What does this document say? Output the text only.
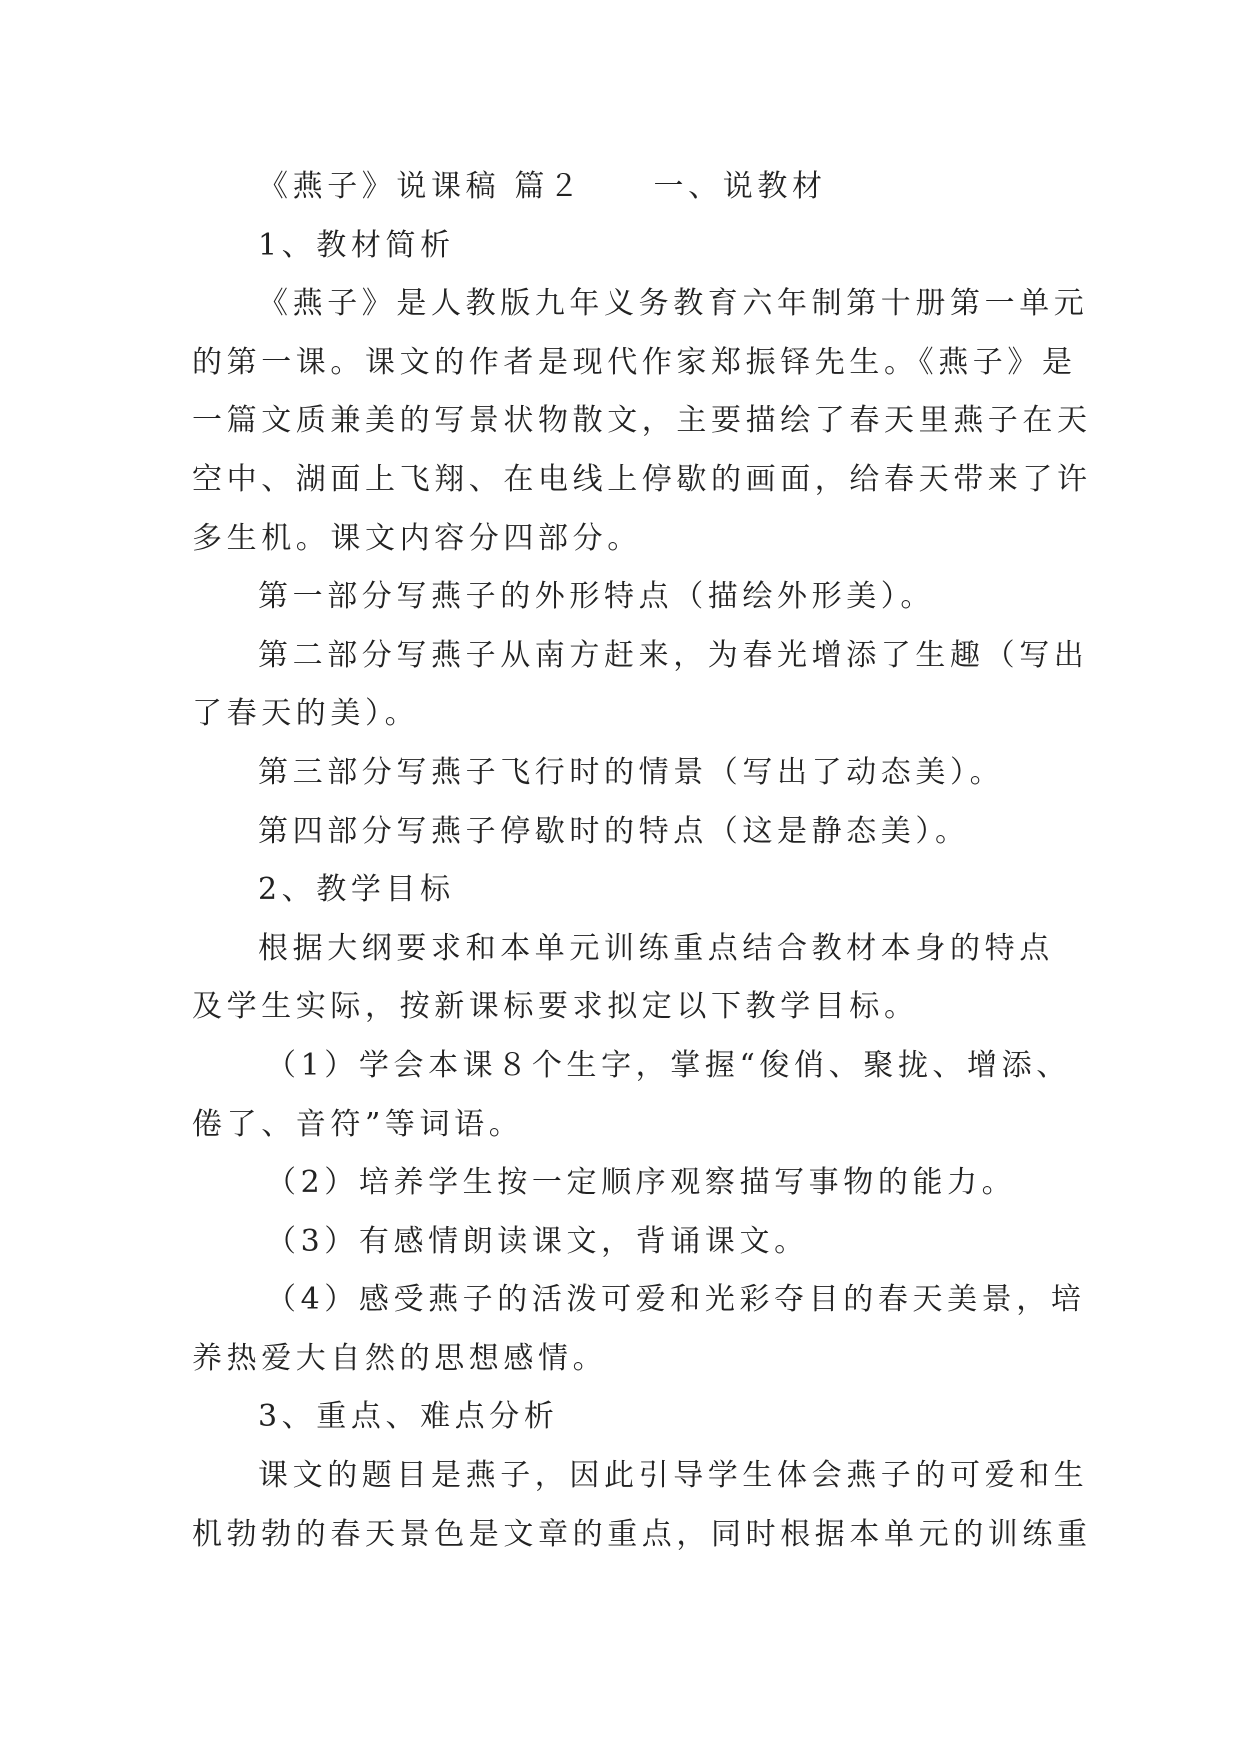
《燕子》说课稿 篇２ 一、说教材
1、教材简析
《燕子》是人教版九年义务教育六年制第十册第一单元
的第一课。课文的作者是现代作家郑振铎先生。《燕子》是
一篇文质兼美的写景状物散文，主要描绘了春天里燕子在天
空中、湖面上飞翔、在电线上停歇的画面，给春天带来了许
多生机。课文内容分四部分。
第一部分写燕子的外形特点（描绘外形美）。
第二部分写燕子从南方赶来，为春光增添了生趣（写出
了春天的美）。
第三部分写燕子飞行时的情景（写出了动态美）。
第四部分写燕子停歇时的特点（这是静态美）。
2、教学目标
根据大纲要求和本单元训练重点结合教材本身的特点
及学生实际，按新课标要求拟定以下教学目标。
（1）学会本课８个生字，掌握“俊俏、聚拢、增添、
倦了、音符”等词语。
（2）培养学生按一定顺序观察描写事物的能力。
（3）有感情朗读课文，背诵课文。
（4）感受燕子的活泼可爱和光彩夺目的春天美景，培
养热爱大自然的思想感情。
3、重点、难点分析
课文的题目是燕子，因此引导学生体会燕子的可爱和生
机勃勃的春天景色是文章的重点，同时根据本单元的训练重
